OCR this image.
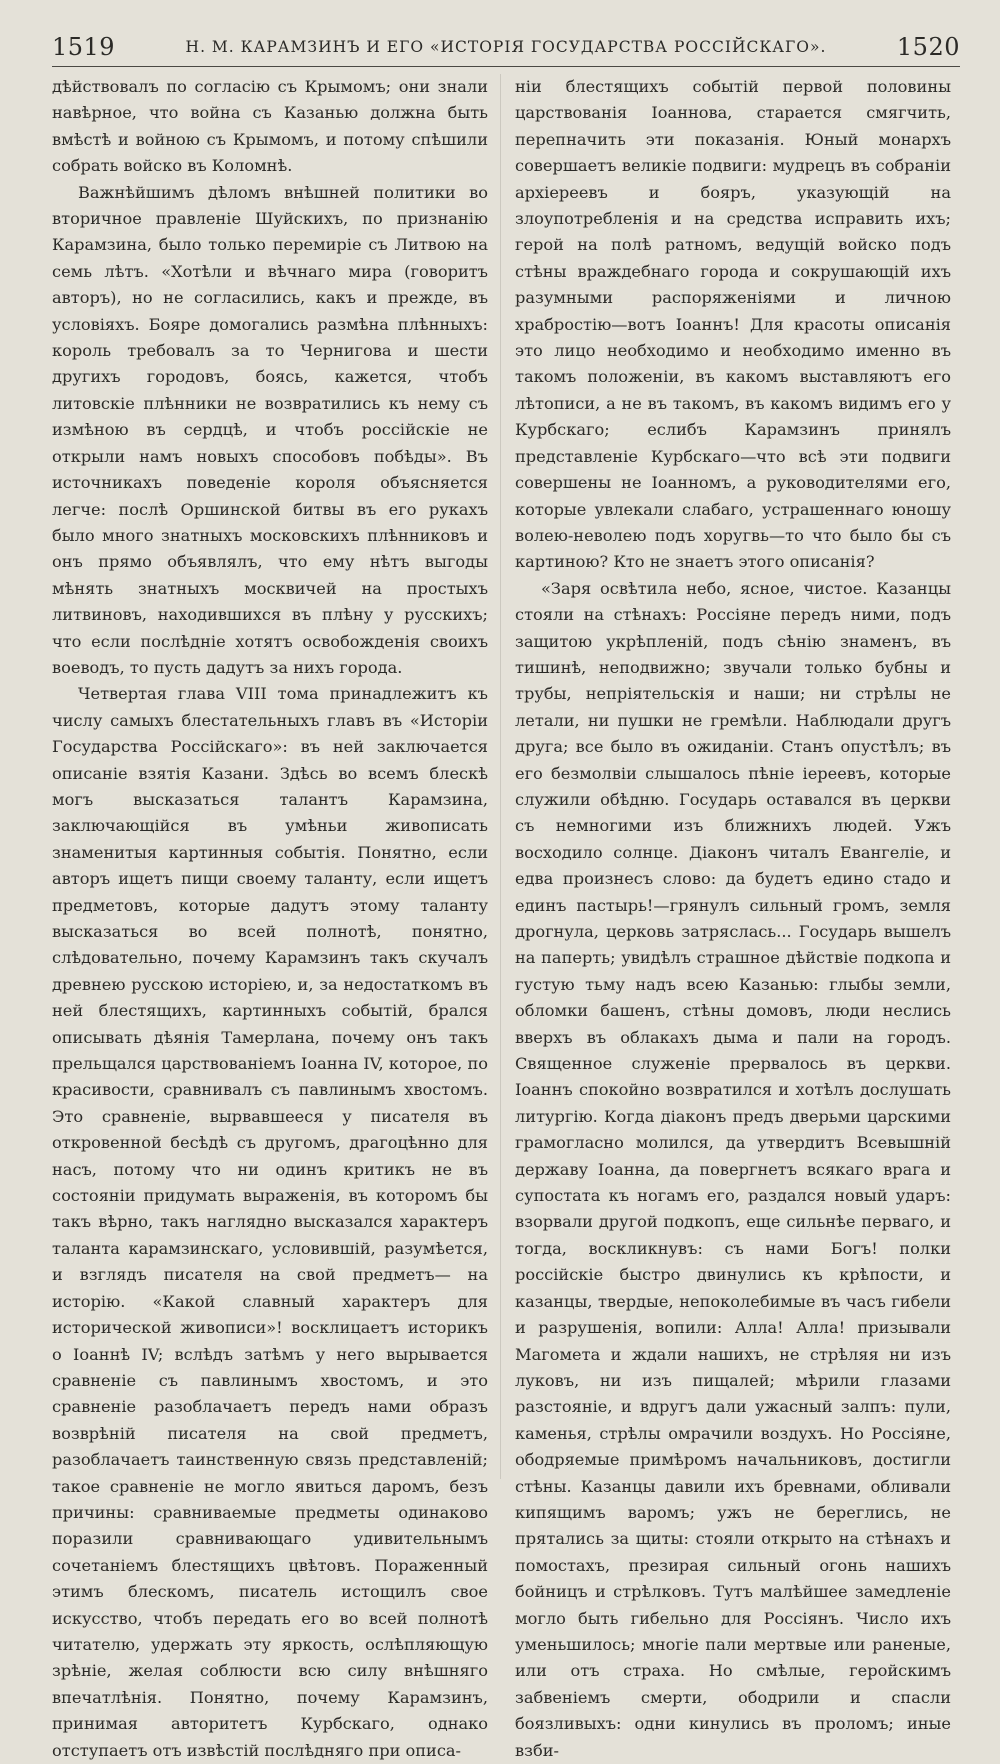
1519	Н. М. КАРАМЗИНЪ И ЕГО «ИСТОРІЯ ГОСУДАРСТВА РОССІЙСКАГО».	1520

дѣйствовалъ по согласію съ Крымомъ; они знали навѣрное, что война съ Казанью должна быть вмѣстѣ и войною съ Крымомъ, и потому спѣшили собрать войско въ Коломнѣ.

Важнѣйшимъ дѣломъ внѣшней политики во вторичное правленіе Шуйскихъ, по признанію Карамзина, было только перемиріе съ Литвою на семь лѣтъ. «Хотѣли и вѣчнаго мира (говоритъ авторъ), но не согласились, какъ и прежде, въ условіяхъ. Бояре домогались размѣна плѣнныхъ: король требовалъ за то Чернигова и шести другихъ городовъ, боясь, кажется, чтобъ литовскіе плѣнники не возвратились къ нему съ измѣною въ сердцѣ, и чтобъ россійскіе не открыли намъ новыхъ способовъ побѣды». Въ источникахъ поведеніе короля объясняется легче: послѣ Оршинской битвы въ его рукахъ было много знатныхъ московскихъ плѣнниковъ и онъ прямо объявлялъ, что ему нѣтъ выгоды мѣнять знатныхъ москвичей на простыхъ литвиновъ, находившихся въ плѣну у русскихъ; что если послѣдніе хотятъ освобожденія своихъ воеводъ, то пусть дадутъ за нихъ города.

Четвертая глава VIII тома принадлежитъ къ числу самыхъ блестательныхъ главъ въ «Исторіи Государства Россійскаго»: въ ней заключается описаніе взятія Казани. Здѣсь во всемъ блескѣ могъ высказаться талантъ Карамзина, заключающійся въ умѣньи живописать знаменитыя картинныя событія. Понятно, если авторъ ищетъ пищи своему таланту, если ищетъ предметовъ, которые дадутъ этому таланту высказаться во всей полнотѣ, понятно, слѣдовательно, почему Карамзинъ такъ скучалъ древнею русскою исторіею, и, за недостаткомъ въ ней блестящихъ, картинныхъ событій, брался описывать дѣянія Тамерлана, почему онъ такъ прельщался царствованіемъ Іоанна IV, которое, по красивости, сравнивалъ съ павлинымъ хвостомъ. Это сравненіе, вырвавшееся у писателя въ откровенной бесѣдѣ съ другомъ, драгоцѣнно для насъ, потому что ни одинъ критикъ не въ состояніи придумать выраженія, въ которомъ бы такъ вѣрно, такъ наглядно высказался характеръ таланта карамзинскаго, условившій, разумѣется, и взглядъ писателя на свой предметъ— на исторію. «Какой славный характеръ для исторической живописи»! восклицаетъ историкъ о Іоаннѣ IV; вслѣдъ затѣмъ у него вырывается сравненіе съ павлинымъ хвостомъ, и это сравненіе разоблачаетъ передъ нами образъ возврѣній писателя на свой предметъ, разоблачаетъ таинственную связь представленій; такое сравненіе не могло явиться даромъ, безъ причины: сравниваемые предметы одинаково поразили сравнивающаго удивительнымъ сочетаніемъ блестящихъ цвѣтовъ. Пораженный этимъ блескомъ, писатель истощилъ свое искусство, чтобъ передать его во всей полнотѣ читателю, удержать эту яркость, ослѣпляющую зрѣніе, желая соблюсти всю силу внѣшняго впечатлѣнія. Понятно, почему Карамзинъ, принимая авторитетъ Курбскаго, однако отступаетъ отъ извѣстій послѣдняго при описа-

ніи блестящихъ событій первой половины царствованія Іоаннова, старается смягчить, перепначить эти показанія. Юный монархъ совершаетъ великіе подвиги: мудрецъ въ собраніи архіереевъ и бояръ, указующій на злоупотребленія и на средства исправить ихъ; герой на полѣ ратномъ, ведущій войско подъ стѣны враждебнаго города и сокрушающій ихъ разумными распоряженіями и личною храбростію—вотъ Іоаннъ! Для красоты описанія это лицо необходимо и необходимо именно въ такомъ положеніи, въ какомъ выставляютъ его лѣтописи, а не въ такомъ, въ какомъ видимъ его у Курбскаго; еслибъ Карамзинъ принялъ представленіе Курбскаго—что всѣ эти подвиги совершены не Іоанномъ, а руководителями его, которые увлекали слабаго, устрашеннаго юношу волею-неволею подъ хоругвь—то что было бы съ картиною? Кто не знаетъ этого описанія?

«Заря освѣтила небо, ясное, чистое. Казанцы стояли на стѣнахъ: Россіяне передъ ними, подъ защитою укрѣпленій, подъ сѣнію знаменъ, въ тишинѣ, неподвижно; звучали только бубны и трубы, непріятельскія и наши; ни стрѣлы не летали, ни пушки не гремѣли. Наблюдали другъ друга; все было въ ожиданіи. Станъ опустѣлъ; въ его безмолвіи слышалось пѣніе іереевъ, которые служили обѣдню. Государь оставался въ церкви съ немногими изъ ближнихъ людей. Ужъ восходило солнце. Діаконъ читалъ Евангеліе, и едва произнесъ слово: да будетъ едино стадо и единъ пастырь!—грянулъ сильный громъ, земля дрогнула, церковь затряслась... Государь вышелъ на паперть; увидѣлъ страшное дѣйствіе подкопа и густую тьму надъ всею Казанью: глыбы земли, обломки башенъ, стѣны домовъ, люди неслись вверхъ въ облакахъ дыма и пали на городъ. Священное служеніе прервалось въ церкви. Іоаннъ спокойно возвратился и хотѣлъ дослушать литургію. Когда діаконъ предъ дверьми царскими грамогласно молился, да утвердитъ Всевышній державу Іоанна, да повергнетъ всякаго врага и супостата къ ногамъ его, раздался новый ударъ: взорвали другой подкопъ, еще сильнѣе перваго, и тогда, воскликнувъ: съ нами Богъ! полки россійскіе быстро двинулись къ крѣпости, и казанцы, твердые, непоколебимые въ часъ гибели и разрушенія, вопили: Алла! Алла! призывали Магомета и ждали нашихъ, не стрѣляя ни изъ луковъ, ни изъ пищалей; мѣрили глазами разстояніе, и вдругъ дали ужасный залпъ: пули, каменья, стрѣлы омрачили воздухъ. Но Россіяне, ободряемые примѣромъ начальниковъ, достигли стѣны. Казанцы давили ихъ бревнами, обливали кипящимъ варомъ; ужъ не береглись, не прятались за щиты: стояли открыто на стѣнахъ и помостахъ, презирая сильный огонь нашихъ бойницъ и стрѣлковъ. Тутъ малѣйшее замедленіе могло быть гибельно для Россіянъ. Число ихъ уменьшилось; многіе пали мертвые или раненые, или отъ страха. Но смѣлые, геройскимъ забвеніемъ смерти, ободрили и спасли боязливыхъ: одни кинулись въ проломъ; иные взби-
